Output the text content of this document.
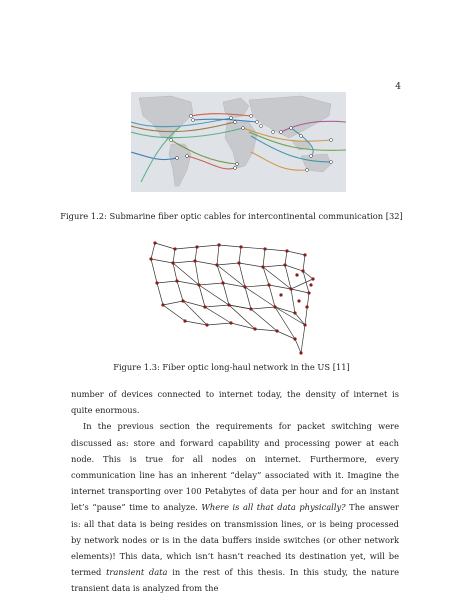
4
Figure 1.2: Submarine fiber optic cables for intercontinental communication [32]
Figure 1.3: Fiber optic long-haul network in the US [11]

number of devices connected to internet today, the density of internet is quite enormous.

In the previous section the requirements for packet switching were discussed as: store and forward capability and processing power at each node. This is true for all nodes on internet. Furthermore, every communication line has an inherent “delay” associated with it. Imagine the internet transporting over 100 Petabytes of data per hour and for an instant let’s “pause” time to analyze. Where is all that data physically? The answer is: all that data is being resides on transmission lines, or is being processed by network nodes or is in the data buffers inside switches (or other network elements)! This data, which isn’t hasn’t reached its destination yet, will be termed transient data in the rest of this thesis. In this study, the nature transient data is analyzed from the
